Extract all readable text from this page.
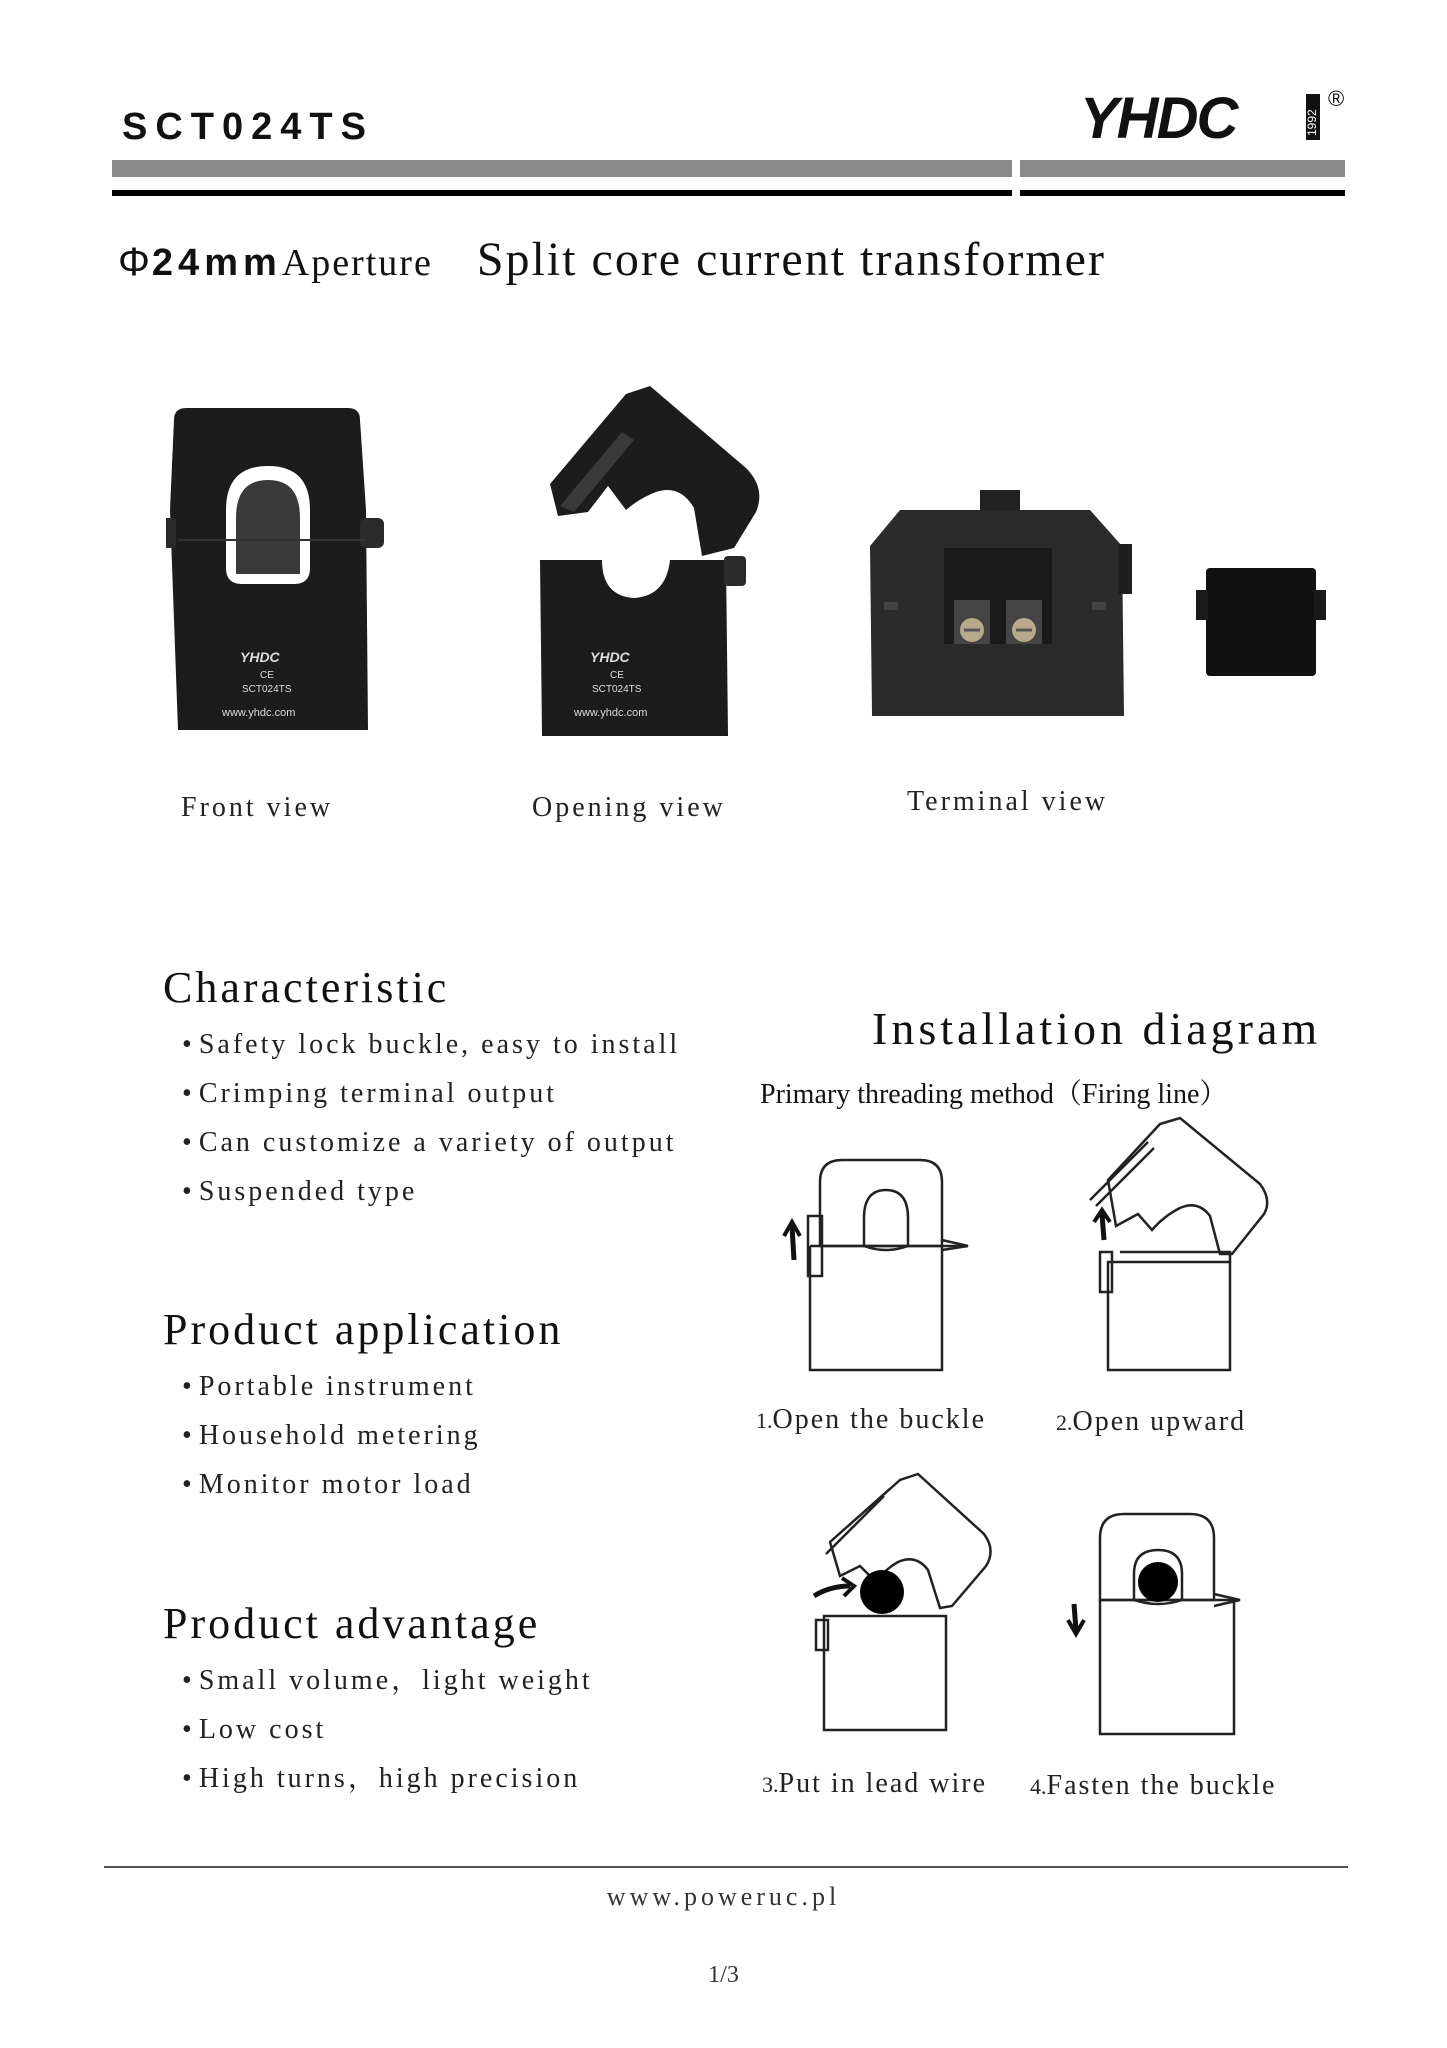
SCT024TS	YHDC	1992
®
Φ24mmAperture Split core current transformer
YHDC
CE
SCT024TS
www.yhdc.com
YHDC
CE
SCT024TS
www.yhdc.com
Front view	Opening view	Terminal view
Characteristic
• Safety lock buckle, easy to install
• Crimping terminal output
• Can customize a variety of output
• Suspended type
Product application
• Portable instrument
• Household metering
• Monitor motor load
Product advantage
• Small volume，light weight
• Low cost
• High turns，high precision
Installation diagram
Primary threading method（Firing line）
1.Open the buckle	2.Open upward
3.Put in lead wire 4.Fasten the buckle
www.poweruc.pl
1/3
